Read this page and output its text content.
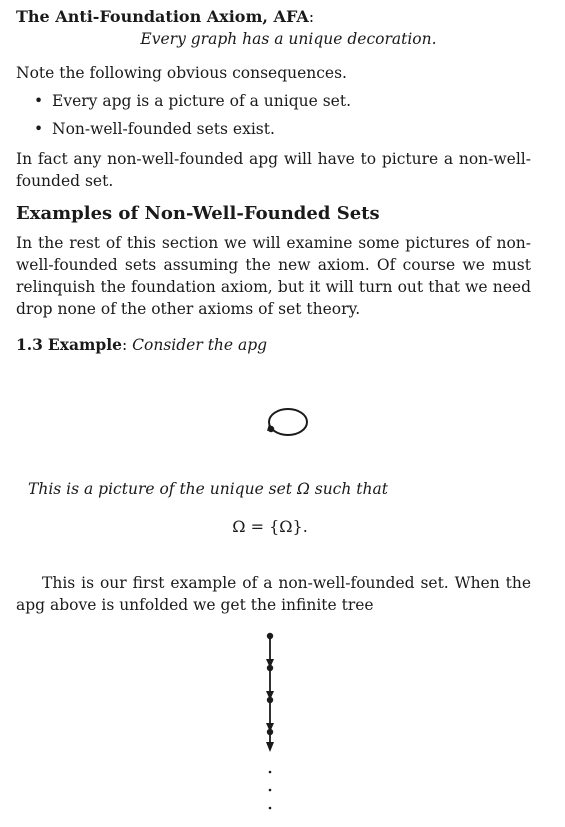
The Anti-Foundation Axiom, AFA:
Every graph has a unique decoration.

Note the following obvious consequences.

• Every apg is a picture of a unique set.
• Non-well-founded sets exist.

In fact any non-well-founded apg will have to picture a non-well-founded set.

Examples of Non-Well-Founded Sets

In the rest of this section we will examine some pictures of non-well-founded sets assuming the new axiom. Of course we must relinquish the foundation axiom, but it will turn out that we need drop none of the other axioms of set theory.

1.3 Example: Consider the apg
This is a picture of the unique set Ω such that
Ω = {Ω}.
This is our first example of a non-well-founded set. When the apg above is unfolded we get the infinite tree
